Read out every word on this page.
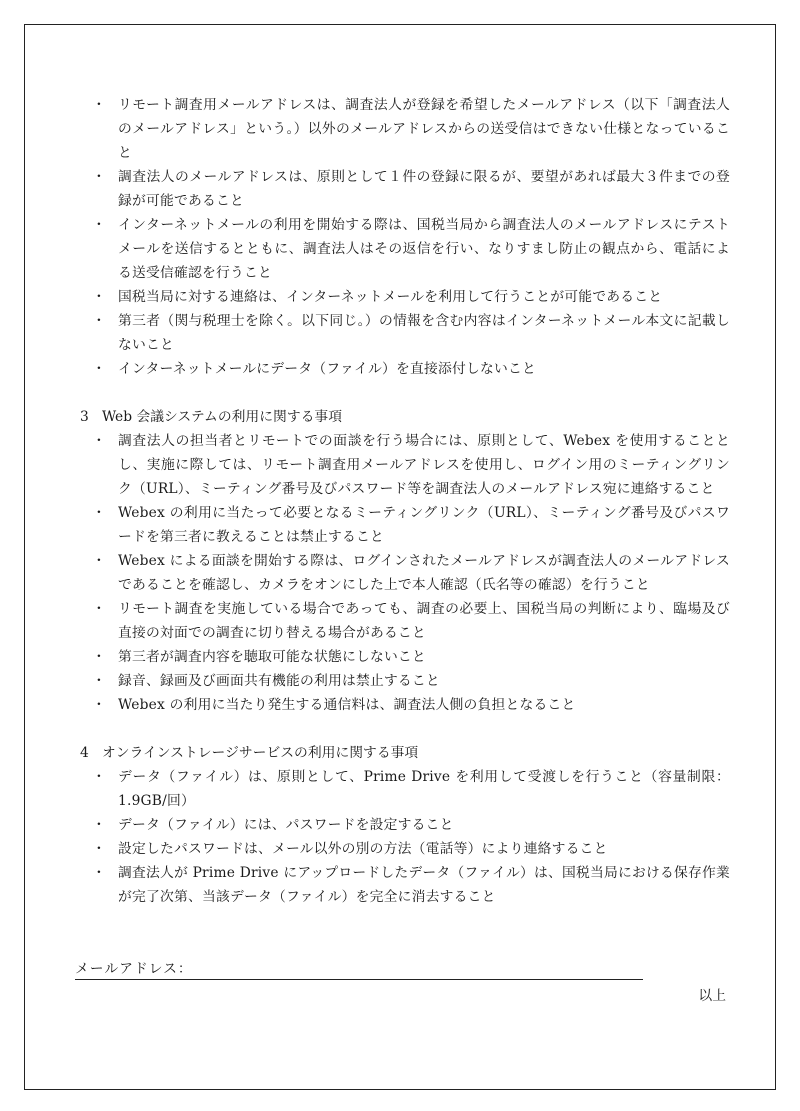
・ リモート調査用メールアドレスは、調査法人が登録を希望したメールアドレス（以下「調査法人のメールアドレス」という。）以外のメールアドレスからの送受信はできない仕様となっていること
・ 調査法人のメールアドレスは、原則として１件の登録に限るが、要望があれば最大３件までの登録が可能であること
・ インターネットメールの利用を開始する際は、国税当局から調査法人のメールアドレスにテストメールを送信するとともに、調査法人はその返信を行い、なりすまし防止の観点から、電話による送受信確認を行うこと
・ 国税当局に対する連絡は、インターネットメールを利用して行うことが可能であること
・ 第三者（関与税理士を除く。以下同じ。）の情報を含む内容はインターネットメール本文に記載しないこと
・ インターネットメールにデータ（ファイル）を直接添付しないこと
3 Web 会議システムの利用に関する事項
・ 調査法人の担当者とリモートでの面談を行う場合には、原則として、Webex を使用することとし、実施に際しては、リモート調査用メールアドレスを使用し、ログイン用のミーティングリンク（URL）、ミーティング番号及びパスワード等を調査法人のメールアドレス宛に連絡すること
・ Webex の利用に当たって必要となるミーティングリンク（URL）、ミーティング番号及びパスワードを第三者に教えることは禁止すること
・ Webex による面談を開始する際は、ログインされたメールアドレスが調査法人のメールアドレスであることを確認し、カメラをオンにした上で本人確認（氏名等の確認）を行うこと
・ リモート調査を実施している場合であっても、調査の必要上、国税当局の判断により、臨場及び直接の対面での調査に切り替える場合があること
・ 第三者が調査内容を聴取可能な状態にしないこと
・ 録音、録画及び画面共有機能の利用は禁止すること
・ Webex の利用に当たり発生する通信料は、調査法人側の負担となること
4 オンラインストレージサービスの利用に関する事項
・ データ（ファイル）は、原則として、Prime Drive を利用して受渡しを行うこと（容量制限：1.9GB/回）
・ データ（ファイル）には、パスワードを設定すること
・ 設定したパスワードは、メール以外の別の方法（電話等）により連絡すること
・ 調査法人が Prime Drive にアップロードしたデータ（ファイル）は、国税当局における保存作業が完了次第、当該データ（ファイル）を完全に消去すること
メールアドレス：
以上
